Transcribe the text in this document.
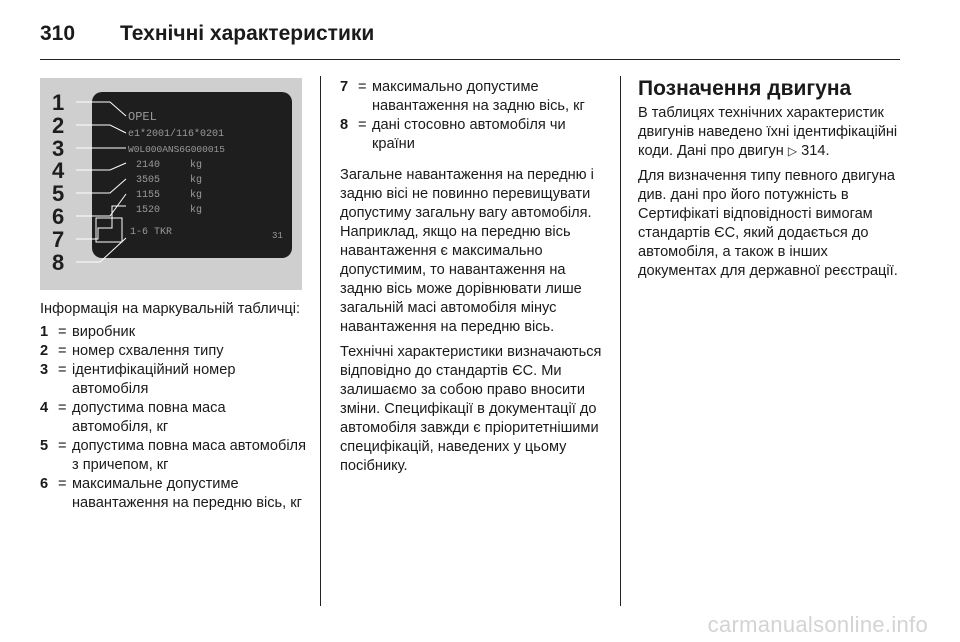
310	Технічні характеристики
1
2
3
4
5
6
7
8
OPEL
e1*2001/116*0201
W0L000ANS6G000015
2140
3505
1155
1520
kg
kg
kg
kg
1-6 TKR	31
Інформація на маркувальній табличці:
1 = виробник
2 = номер схвалення типу
3 = ідентифікаційний номер автомобіля
4 = допустима повна маса автомобіля, кг
5 = допустима повна маса автомобіля з причепом, кг
6 = максимальне допустиме навантаження на передню вісь, кг
7 = максимально допустиме навантаження на задню вісь, кг
8 = дані стосовно автомобіля чи країни

Загальне навантаження на передню і задню вісі не повинно перевищувати допустиму загальну вагу автомобіля. Наприклад, якщо на передню вісь навантаження є максимально допустимим, то навантаження на задню вісь може дорівнювати лише загальній масі автомобіля мінус навантаження на передню вісь.

Технічні характеристики визначаються відповідно до стандартів ЄС. Ми залишаємо за собою право вносити зміни. Специфікації в документації до автомобіля завжди є пріоритетнішими специфікацій, наведених у цьому посібнику.

Позначення двигуна

В таблицях технічних характеристик двигунів наведено їхні ідентифікаційні коди. Дані про двигун ▷ 314.

Для визначення типу певного двигуна див. дані про його потужність в Сертифікаті відповідності вимогам стандартів ЄС, який додається до автомобіля, а також в інших документах для державної реєстрації.

carmanualsonline.info
